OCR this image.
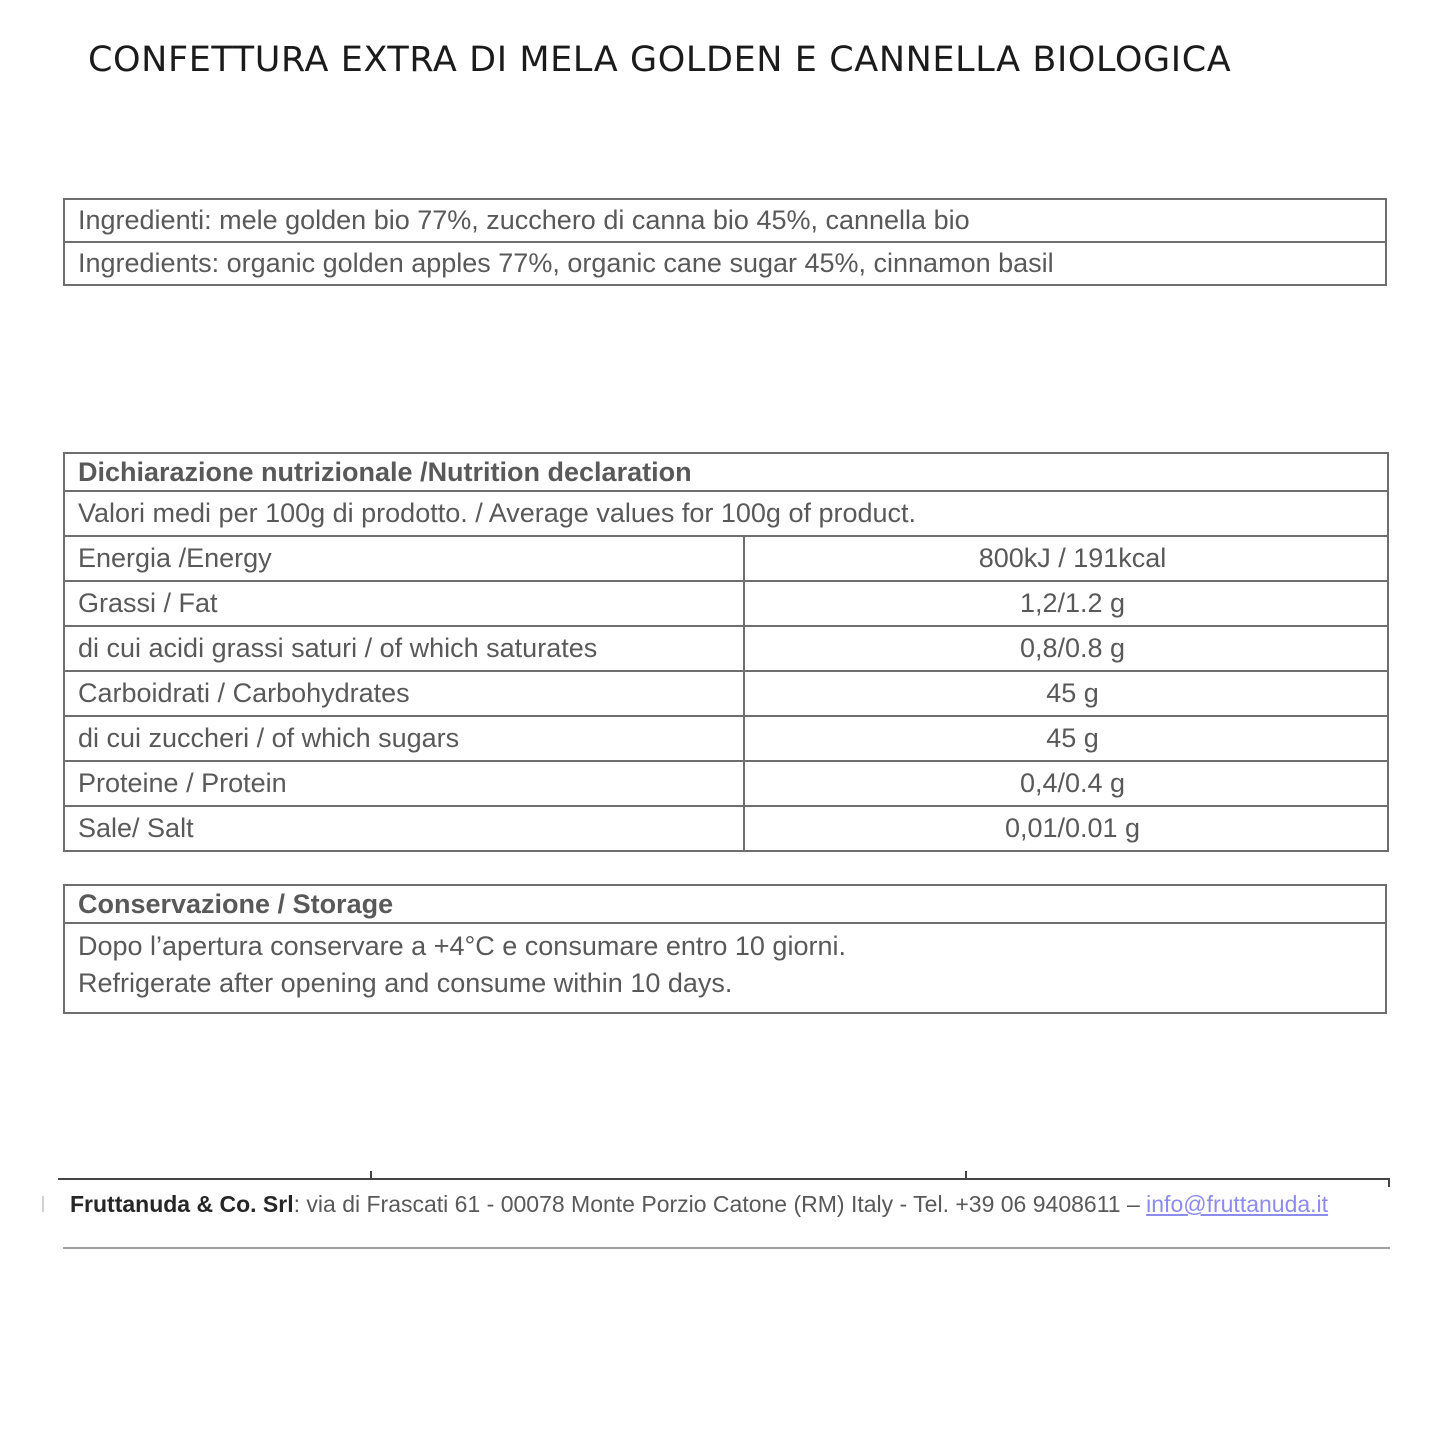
CONFETTURA EXTRA DI MELA GOLDEN E CANNELLA BIOLOGICA
Ingredienti: mele golden bio 77%, zucchero di canna bio 45%, cannella bio
Ingredients: organic golden apples 77%, organic cane sugar 45%, cinnamon basil
Dichiarazione nutrizionale /Nutrition declaration	
Valori medi per 100g di prodotto. / Average values for 100g of product.	
Energia /Energy	800kJ / 191kcal
Grassi / Fat	1,2/1.2 g
di cui acidi grassi saturi / of which saturates	0,8/0.8 g
Carboidrati / Carbohydrates	45 g
di cui zuccheri / of which sugars	45 g
Proteine / Protein	0,4/0.4 g
Sale/ Salt	0,01/0.01 g
Conservazione / Storage

Dopo l’apertura conservare a +4°C e consumare entro 10 giorni.
Refrigerate after opening and consume within 10 days.
Fruttanuda & Co. Srl: via di Frascati 61 - 00078 Monte Porzio Catone (RM) Italy - Tel. +39 06 9408611 – info@fruttanuda.it
